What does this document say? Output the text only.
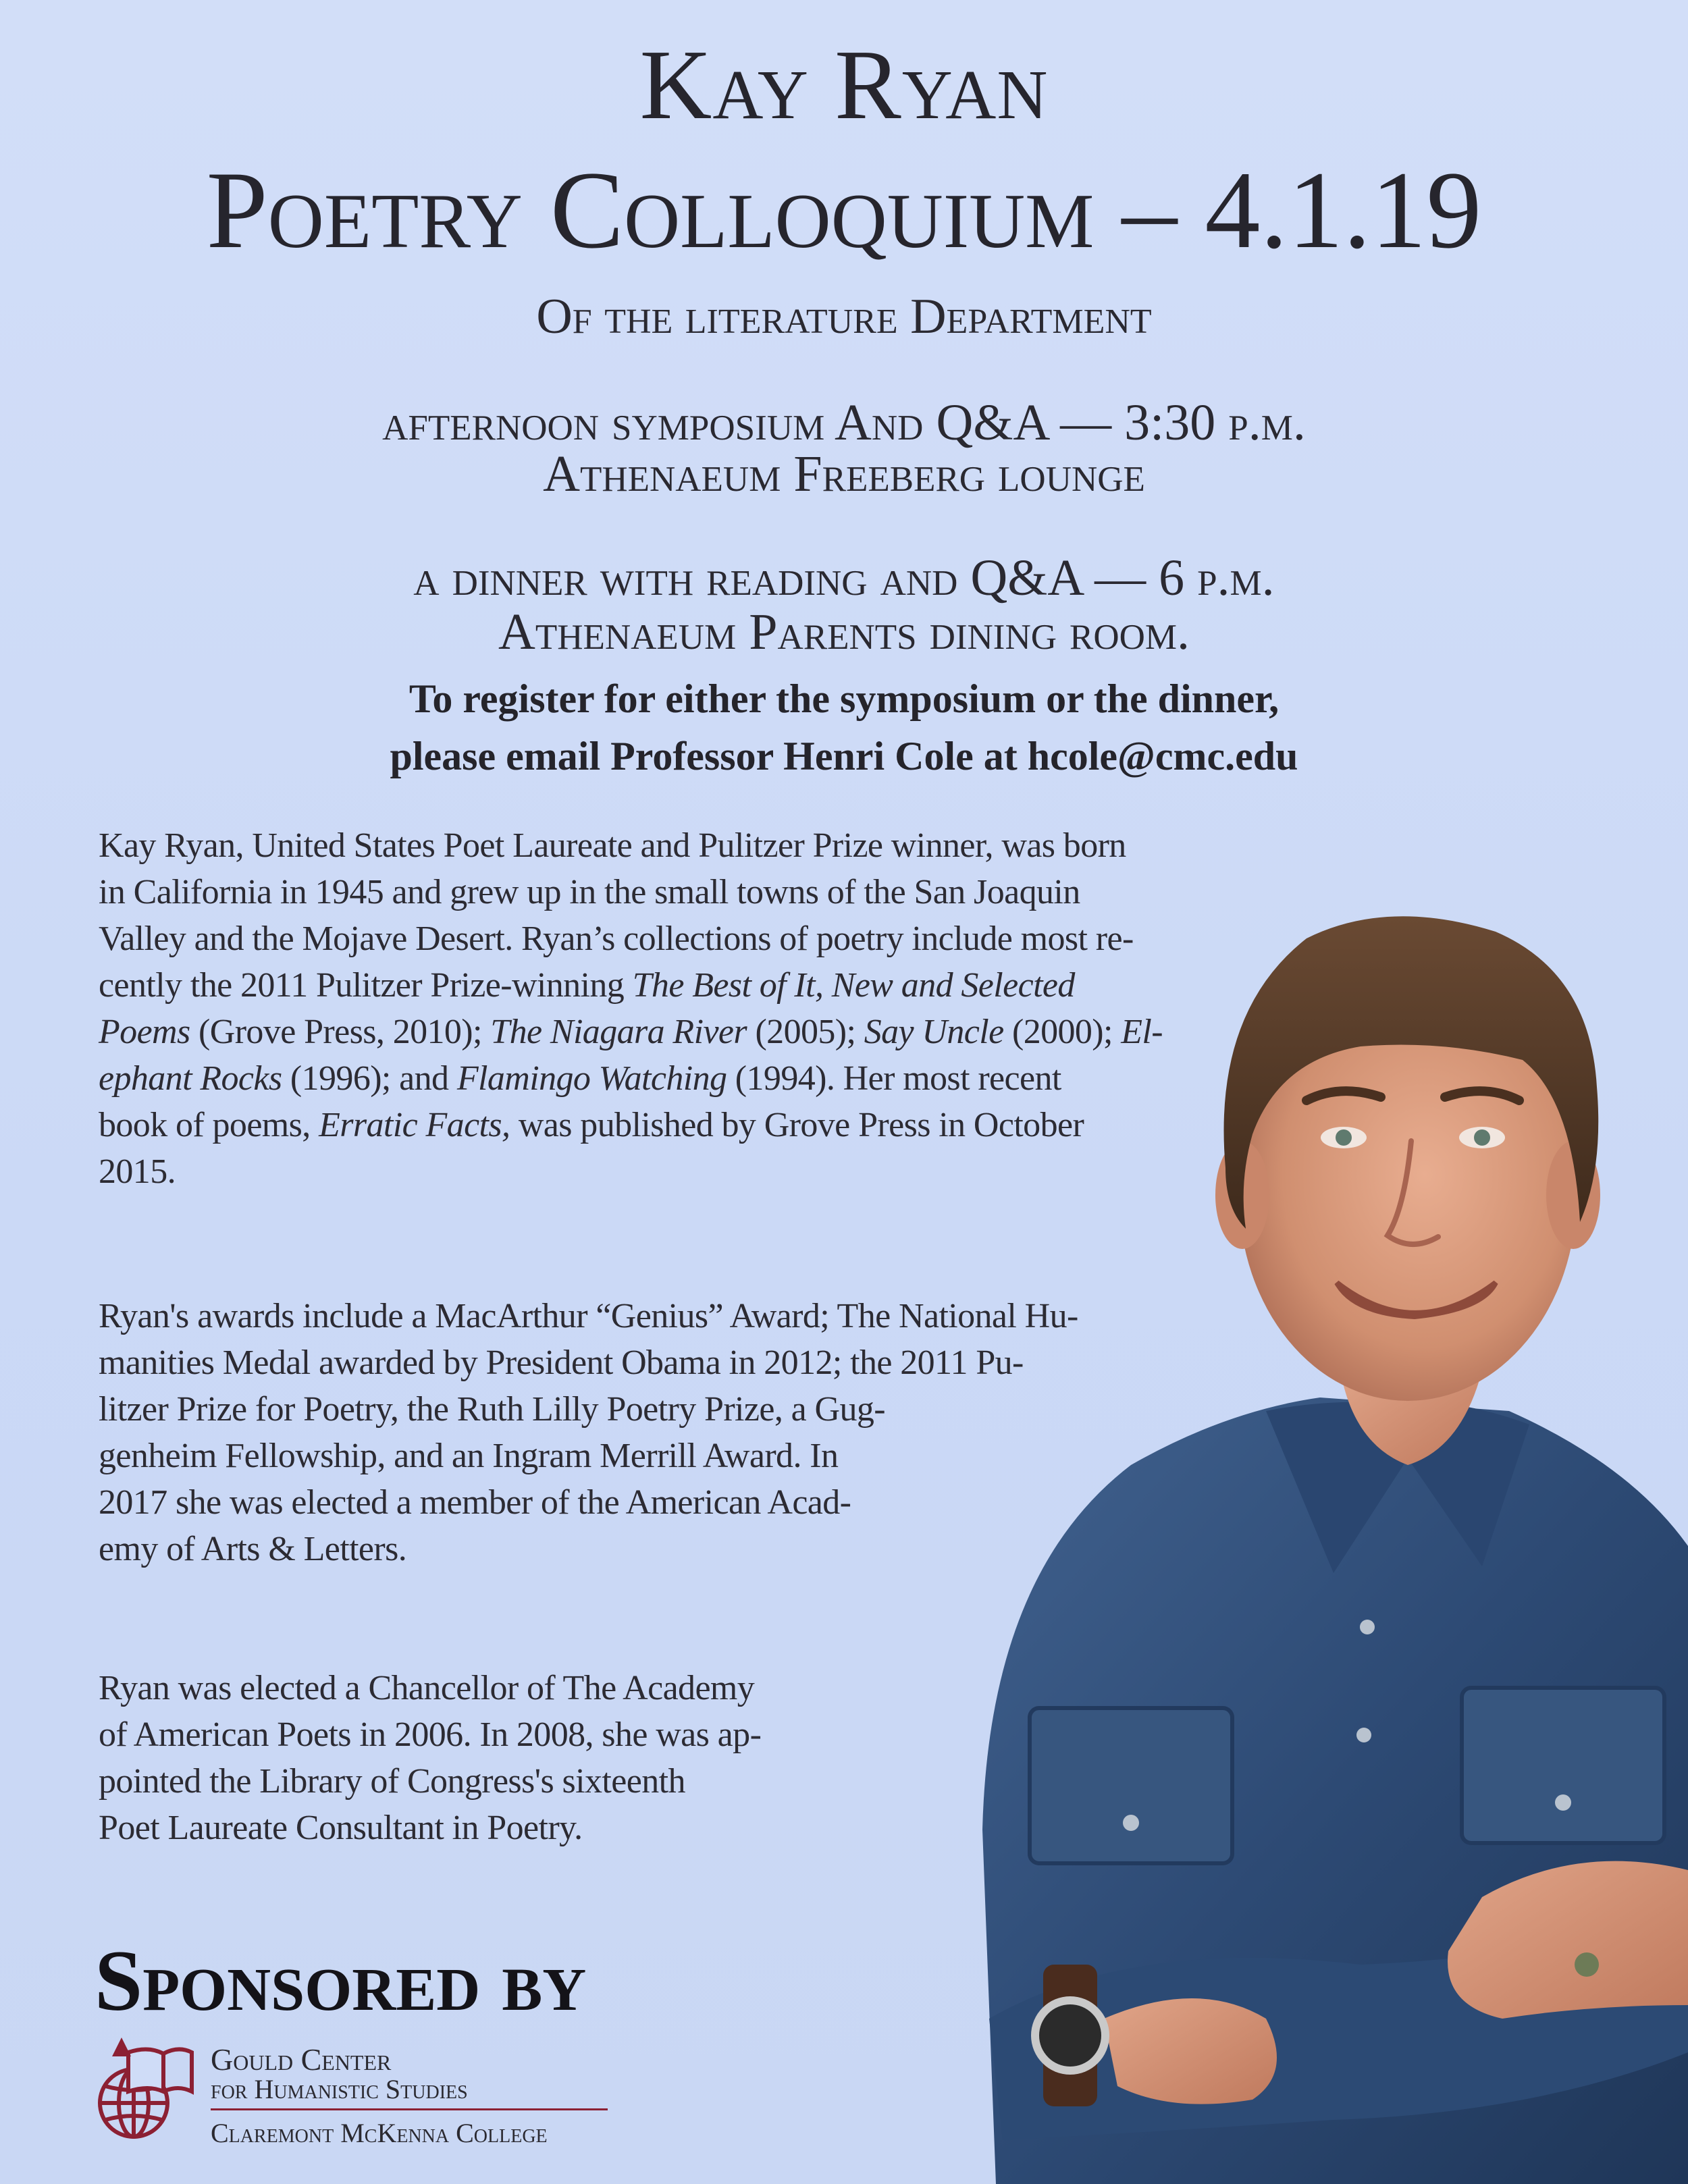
Kay Ryan
Poetry Colloquium – 4.1.19
Of the literature Department
afternoon symposium And Q&A — 3:30 p.m.
Athenaeum Freeberg lounge
a dinner with reading and Q&A — 6 p.m.
Athenaeum Parents dining room.
To register for either the symposium or the dinner,
please email Professor Henri Cole at hcole@cmc.edu

Kay Ryan, United States Poet Laureate and Pulitzer Prize winner, was born
in California in 1945 and grew up in the small towns of the San Joaquin
Valley and the Mojave Desert. Ryan’s collections of poetry include most re-
cently the 2011 Pulitzer Prize-winning The Best of It, New and Selected
Poems (Grove Press, 2010); The Niagara River (2005); Say Uncle (2000); El-
ephant Rocks (1996); and Flamingo Watching (1994). Her most recent
book of poems, Erratic Facts, was published by Grove Press in October
2015.

Ryan's awards include a MacArthur “Genius” Award; The National Hu-
manities Medal awarded by President Obama in 2012; the 2011 Pu-
litzer Prize for Poetry, the Ruth Lilly Poetry Prize, a Gug-
genheim Fellowship, and an Ingram Merrill Award. In
2017 she was elected a member of the American Acad-
emy of Arts & Letters.

Ryan was elected a Chancellor of The Academy
of American Poets in 2006. In 2008, she was ap-
pointed the Library of Congress's sixteenth
Poet Laureate Consultant in Poetry.

Sponsored by
Gould Center
for Humanistic Studies
Claremont McKenna College
